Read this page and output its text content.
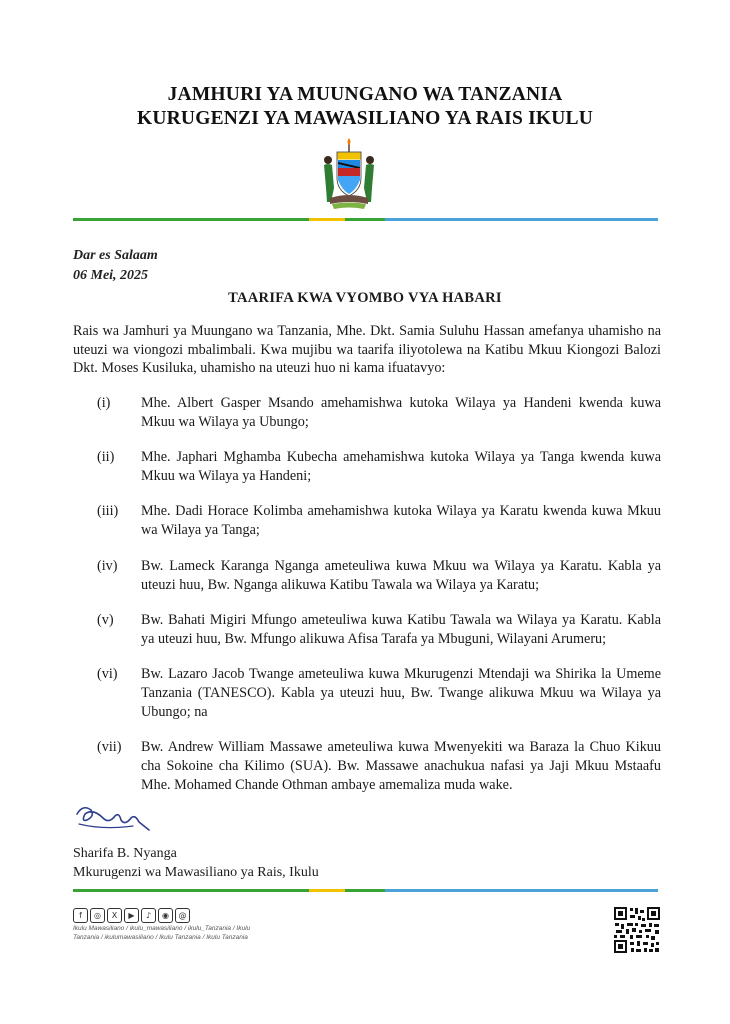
JAMHURI YA MUUNGANO WA TANZANIA
KURUGENZI YA MAWASILIANO YA RAIS IKULU
Dar es Salaam
06 Mei, 2025
TAARIFA KWA VYOMBO VYA HABARI
Rais wa Jamhuri ya Muungano wa Tanzania, Mhe. Dkt. Samia Suluhu Hassan amefanya uhamisho na uteuzi wa viongozi mbalimbali. Kwa mujibu wa taarifa iliyotolewa na Katibu Mkuu Kiongozi Balozi Dkt. Moses Kusiluka, uhamisho na uteuzi huo ni kama ifuatavyo:
(i) Mhe. Albert Gasper Msando amehamishwa kutoka Wilaya ya Handeni kwenda kuwa Mkuu wa Wilaya ya Ubungo;
(ii) Mhe. Japhari Mghamba Kubecha amehamishwa kutoka Wilaya ya Tanga kwenda kuwa Mkuu wa Wilaya ya Handeni;
(iii) Mhe. Dadi Horace Kolimba amehamishwa kutoka Wilaya ya Karatu kwenda kuwa Mkuu wa Wilaya ya Tanga;
(iv) Bw. Lameck Karanga Nganga ameteuliwa kuwa Mkuu wa Wilaya ya Karatu. Kabla ya uteuzi huu, Bw. Nganga alikuwa Katibu Tawala wa Wilaya ya Karatu;
(v) Bw. Bahati Migiri Mfungo ameteuliwa kuwa Katibu Tawala wa Wilaya ya Karatu. Kabla ya uteuzi huu, Bw. Mfungo alikuwa Afisa Tarafa ya Mbuguni, Wilayani Arumeru;
(vi) Bw. Lazaro Jacob Twange ameteuliwa kuwa Mkurugenzi Mtendaji wa Shirika la Umeme Tanzania (TANESCO). Kabla ya uteuzi huu, Bw. Twange alikuwa Mkuu wa Wilaya ya Ubungo; na
(vii) Bw. Andrew William Massawe ameteuliwa kuwa Mwenyekiti wa Baraza la Chuo Kikuu cha Sokoine cha Kilimo (SUA). Bw. Massawe anachukua nafasi ya Jaji Mkuu Mstaafu Mhe. Mohamed Chande Othman ambaye amemaliza muda wake.
Sharifa B. Nyanga
Mkurugenzi wa Mawasiliano ya Rais, Ikulu
f	◎	X	▶	♪	◉	@
Ikulu Mawasiliano / ikulu_mawasiliano / ikulu_Tanzania / Ikulu Tanzania / ikulumawasiliano / Ikulu Tanzania / Ikulu Tanzania
